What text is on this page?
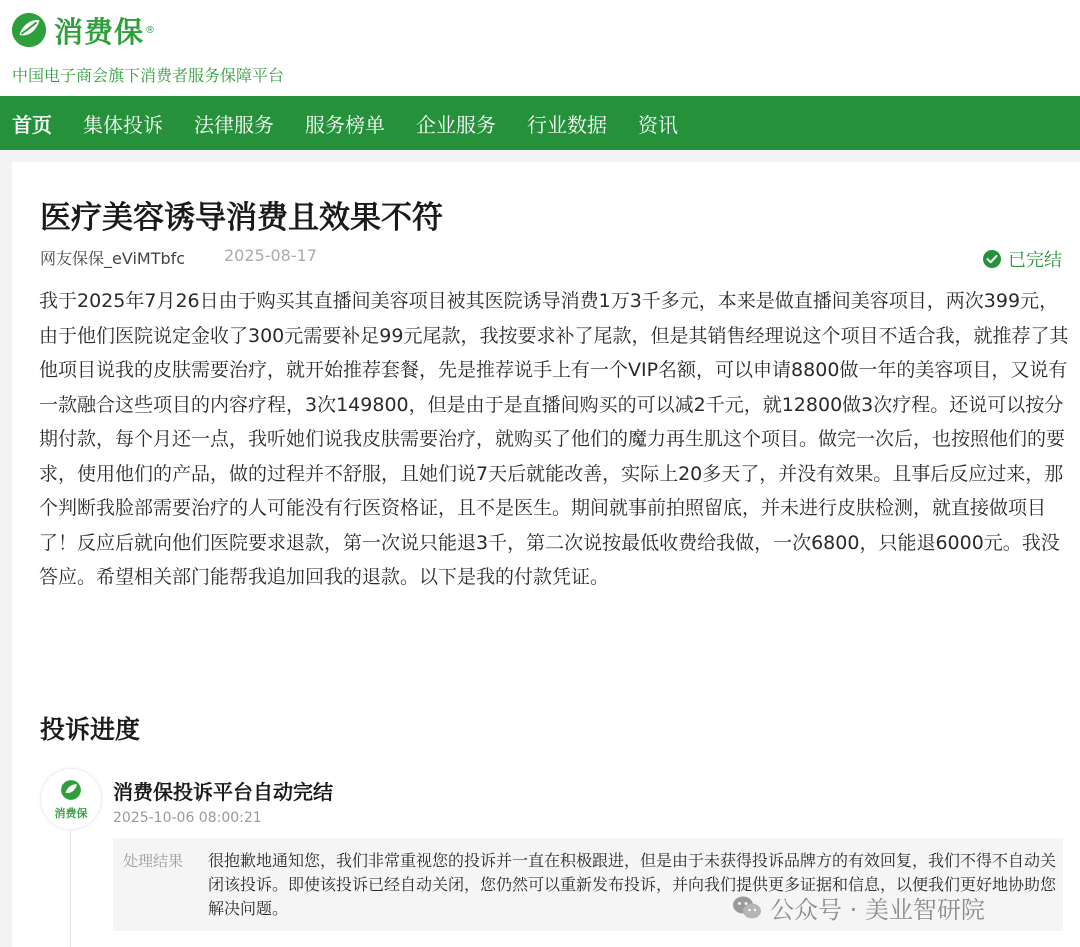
消费保 ®
中国电子商会旗下消费者服务保障平台
首页 集体投诉 法律服务 服务榜单 企业服务 行业数据 资讯
医疗美容诱导消费且效果不符
网友保保_eViMTbfc 2025-08-17	已完结

我于2025年7月26日由于购买其直播间美容项目被其医院诱导消费1万3千多元，本来是做直播间美容项目，两次399元，由于他们医院说定金收了300元需要补足99元尾款，我按要求补了尾款，但是其销售经理说这个项目不适合我，就推荐了其他项目说我的皮肤需要治疗，就开始推荐套餐，先是推荐说手上有一个VIP名额，可以申请8800做一年的美容项目，又说有一款融合这些项目的内容疗程，3次149800，但是由于是直播间购买的可以减2千元，就12800做3次疗程。还说可以按分期付款，每个月还一点，我听她们说我皮肤需要治疗，就购买了他们的魔力再生肌这个项目。做完一次后，也按照他们的要求，使用他们的产品，做的过程并不舒服，且她们说7天后就能改善，实际上20多天了，并没有效果。且事后反应过来，那个判断我脸部需要治疗的人可能没有行医资格证，且不是医生。期间就事前拍照留底，并未进行皮肤检测，就直接做项目了！反应后就向他们医院要求退款，第一次说只能退3千，第二次说按最低收费给我做，一次6800，只能退6000元。我没答应。希望相关部门能帮我追加回我的退款。以下是我的付款凭证。

投诉进度
消费保
消费保投诉平台自动完结
2025-10-06 08:00:21
处理结果 很抱歉地通知您，我们非常重视您的投诉并一直在积极跟进，但是由于未获得投诉品牌方的有效回复，我们不得不自动关闭该投诉。即使该投诉已经自动关闭，您仍然可以重新发布投诉，并向我们提供更多证据和信息，以便我们更好地协助您解决问题。	公众号 · 美业智研院
